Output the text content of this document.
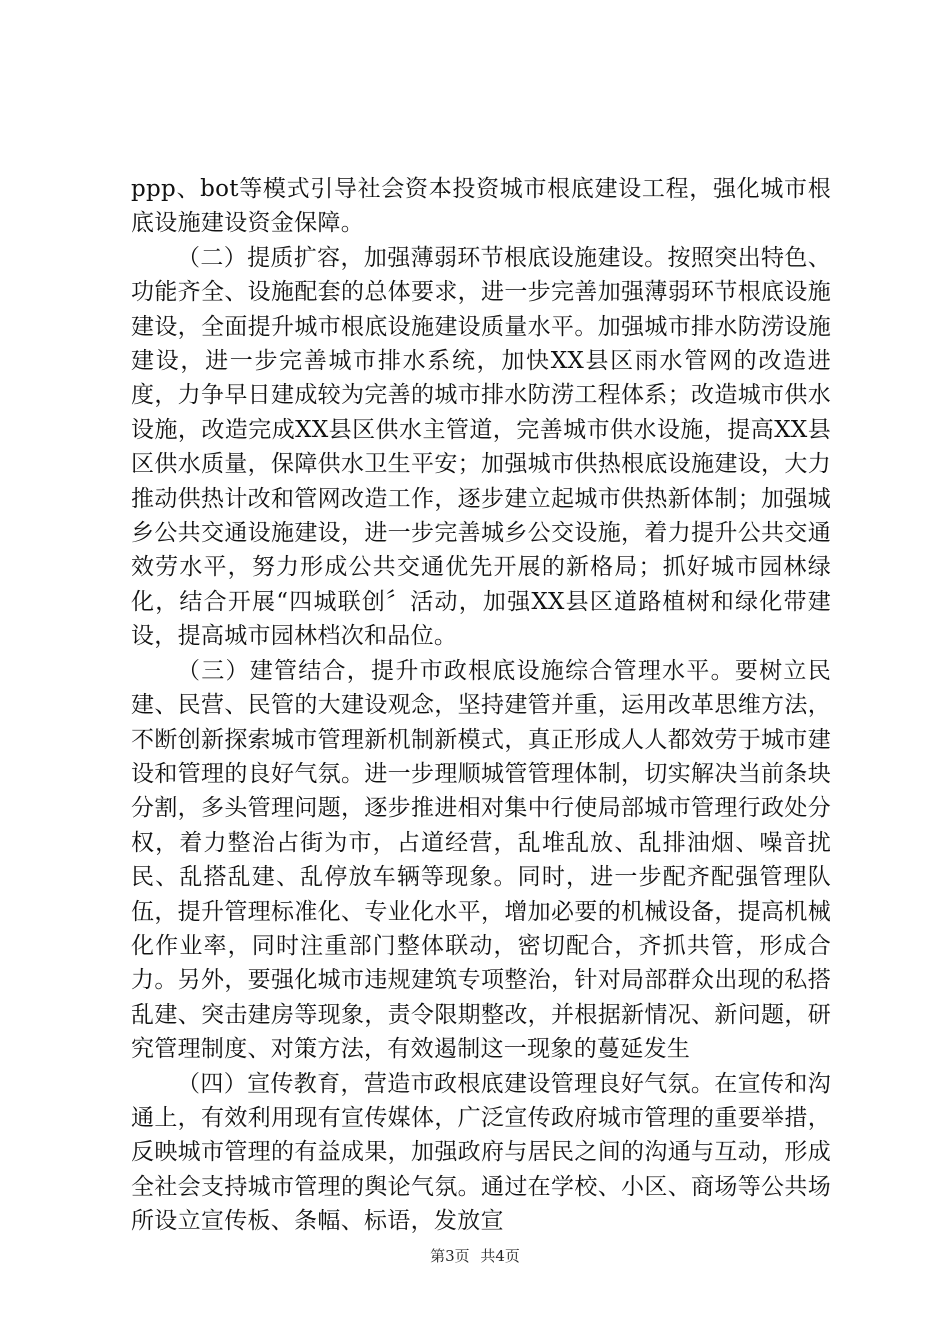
ppp、bot等模式引导社会资本投资城市根底建设工程，强化城市根底设施建设资金保障。

（二）提质扩容，加强薄弱环节根底设施建设。按照突出特色、功能齐全、设施配套的总体要求，进一步完善加强薄弱环节根底设施建设，全面提升城市根底设施建设质量水平。加强城市排水防涝设施建设，进一步完善城市排水系统，加快XX县区雨水管网的改造进度，力争早日建成较为完善的城市排水防涝工程体系；改造城市供水设施，改造完成XX县区供水主管道，完善城市供水设施，提高XX县区供水质量，保障供水卫生平安；加强城市供热根底设施建设，大力推动供热计改和管网改造工作，逐步建立起城市供热新体制；加强城乡公共交通设施建设，进一步完善城乡公交设施，着力提升公共交通效劳水平，努力形成公共交通优先开展的新格局；抓好城市园林绿化，结合开展“四城联创〞活动，加强XX县区道路植树和绿化带建设，提高城市园林档次和品位。

（三）建管结合，提升市政根底设施综合管理水平。要树立民建、民营、民管的大建设观念，坚持建管并重，运用改革思维方法，不断创新探索城市管理新机制新模式，真正形成人人都效劳于城市建设和管理的良好气氛。进一步理顺城管管理体制，切实解决当前条块分割，多头管理问题，逐步推进相对集中行使局部城市管理行政处分权，着力整治占街为市，占道经营，乱堆乱放、乱排油烟、噪音扰民、乱搭乱建、乱停放车辆等现象。同时，进一步配齐配强管理队伍，提升管理标准化、专业化水平，增加必要的机械设备，提高机械化作业率，同时注重部门整体联动，密切配合，齐抓共管，形成合力。另外，要强化城市违规建筑专项整治，针对局部群众出现的私搭乱建、突击建房等现象，责令限期整改，并根据新情况、新问题，研究管理制度、对策方法，有效遏制这一现象的蔓延发生

（四）宣传教育，营造市政根底建设管理良好气氛。在宣传和沟通上，有效利用现有宣传媒体，广泛宣传政府城市管理的重要举措，反映城市管理的有益成果，加强政府与居民之间的沟通与互动，形成全社会支持城市管理的舆论气氛。通过在学校、小区、商场等公共场所设立宣传板、条幅、标语，发放宣

第3页 共4页
